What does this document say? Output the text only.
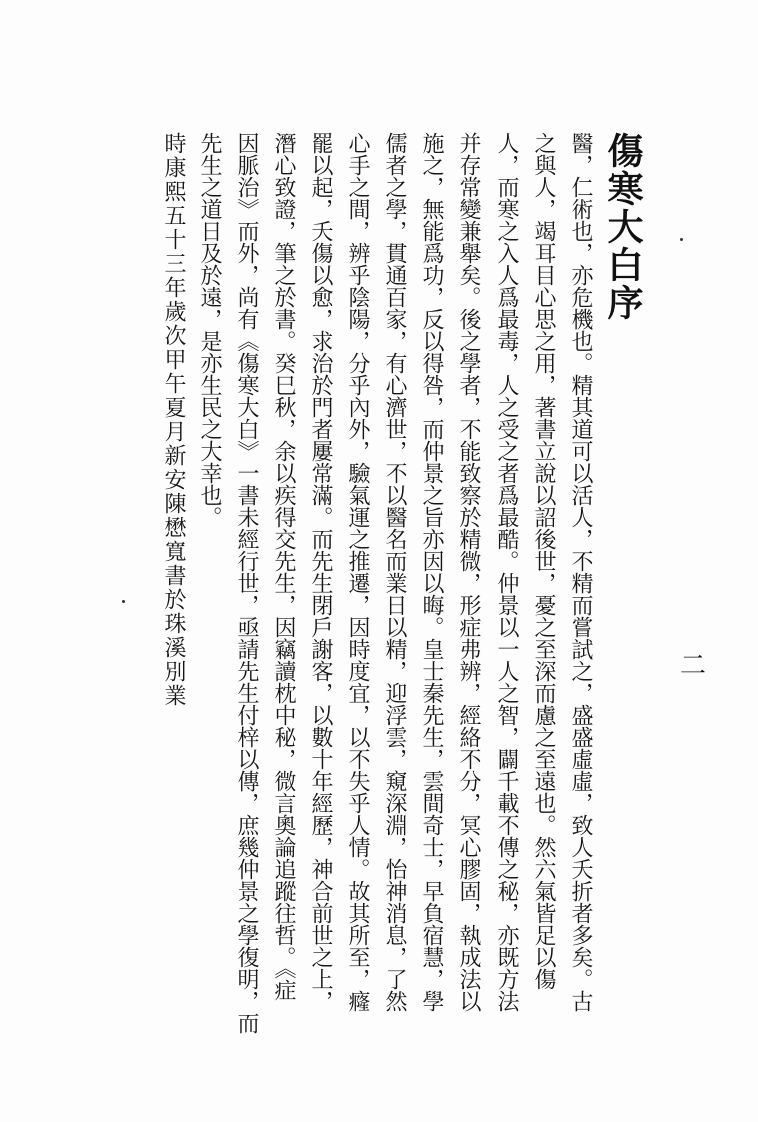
傷寒大白序
醫，仁術也，亦危機也。精其道可以活人，不精而嘗試之，盛盛虛虛，致人夭折者多矣。古
之與人，竭耳目心思之用，著書立說以詔後世，憂之至深而慮之至遠也。然六氣皆足以傷
人，而寒之入人爲最毒，人之受之者爲最酷。仲景以一人之智，闢千載不傳之秘，亦既方法
并存常變兼舉矣。後之學者，不能致察於精微，形症弗辨，經絡不分，冥心膠固，執成法以
施之，無能爲功，反以得咎，而仲景之旨亦因以晦。皇士秦先生，雲間奇士，早負宿慧，學
儒者之學，貫通百家，有心濟世，不以醫名而業日以精，迎浮雲，窺深淵，怡神消息，了然
心手之間，辨乎陰陽，分乎內外，驗氣運之推遷，因時度宜，以不失乎人情。故其所至，癃
罷以起，夭傷以愈，求治於門者屢常滿。而先生閉戶謝客，以數十年經歷，神合前世之上，
潛心致證，筆之於書。癸巳秋，余以疾得交先生，因竊讀枕中秘，微言奧論追蹤往哲。《症
因脈治》而外，尚有《傷寒大白》一書未經行世，亟請先生付梓以傳，庶幾仲景之學復明，而
先生之道日及於遠，是亦生民之大幸也。
時康熙五十三年歲次甲午夏月新安陳懋寬書於珠溪別業	二
